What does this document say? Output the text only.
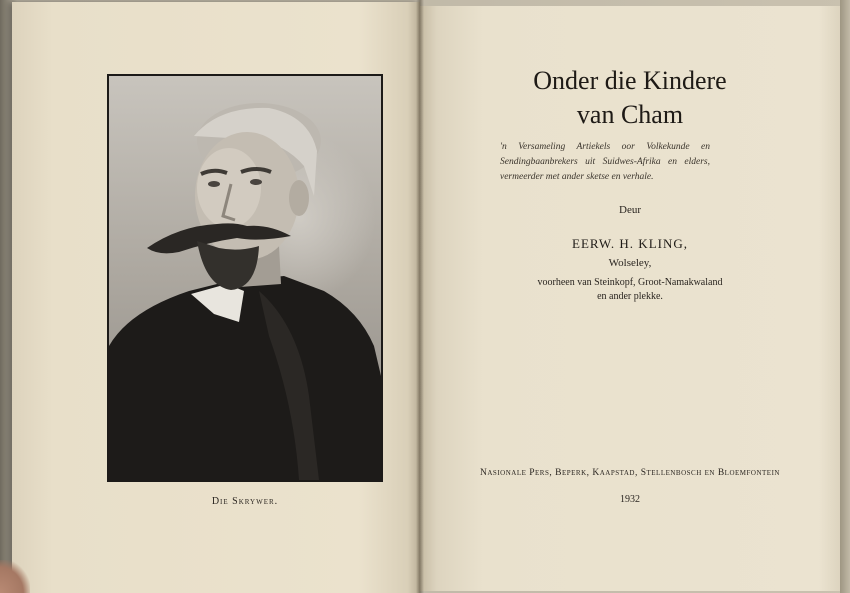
Die Skrywer.
Onder die Kindere
van Cham
'n Versameling Artiekels oor Volkekunde en Sendingbaanbrekers uit Suidwes-Afrika en elders, vermeerder met ander sketse en verhale.
Deur
EERW. H. KLING,
Wolseley,
voorheen van Steinkopf, Groot-Namakwaland
en ander plekke.
Nasionale Pers, Beperk, Kaapstad, Stellenbosch en Bloemfontein
1932
